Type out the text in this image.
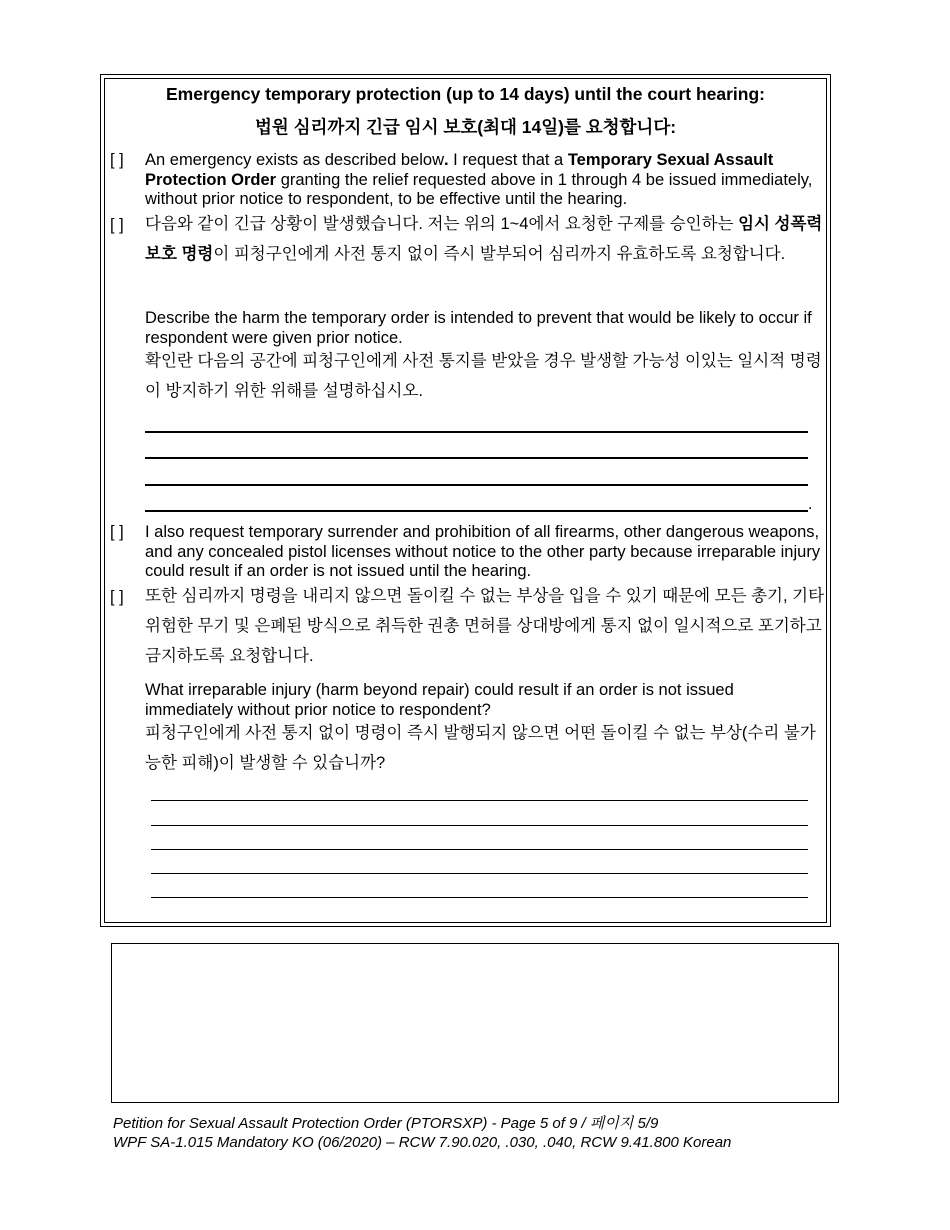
Emergency temporary protection (up to 14 days) until the court hearing:
법원 심리까지 긴급 임시 보호(최대 14일)를 요청합니다:
[ ] An emergency exists as described below. I request that a Temporary Sexual Assault Protection Order granting the relief requested above in 1 through 4 be issued immediately, without prior notice to respondent, to be effective until the hearing.
[ ] 다음와 같이 긴급 상황이 발생했습니다. 저는 위의 1~4에서 요청한 구제를 승인하는 임시 성폭력 보호 명령이 피청구인에게 사전 통지 없이 즉시 발부되어 심리까지 유효하도록 요청합니다.
Describe the harm the temporary order is intended to prevent that would be likely to occur if respondent were given prior notice.
확인란 다음의 공간에 피청구인에게 사전 통지를 받았을 경우 발생할 가능성 이있는 일시적 명령이 방지하기 위한 위해를 설명하십시오.
.
[ ] I also request temporary surrender and prohibition of all firearms, other dangerous weapons, and any concealed pistol licenses without notice to the other party because irreparable injury could result if an order is not issued until the hearing.
[ ] 또한 심리까지 명령을 내리지 않으면 돌이킬 수 없는 부상을 입을 수 있기 때문에 모든 총기, 기타 위험한 무기 및 은폐된 방식으로 취득한 권총 면허를 상대방에게 통지 없이 일시적으로 포기하고 금지하도록 요청합니다.
What irreparable injury (harm beyond repair) could result if an order is not issued immediately without prior notice to respondent?
피청구인에게 사전 통지 없이 명령이 즉시 발행되지 않으면 어떤 돌이킬 수 없는 부상(수리 불가능한 피해)이 발생할 수 있습니까?
Petition for Sexual Assault Protection Order (PTORSXP) - Page 5 of 9 / 페이지 5/9
WPF SA-1.015 Mandatory KO (06/2020) – RCW 7.90.020, .030, .040, RCW 9.41.800 Korean
